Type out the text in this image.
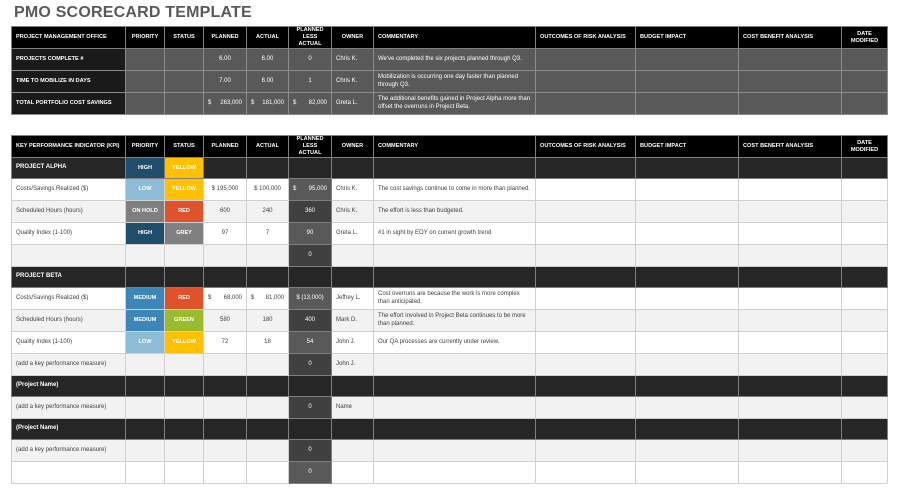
PMO SCORECARD TEMPLATE
PROJECT MANAGEMENT OFFICE	PRIORITY	STATUS	PLANNED	ACTUAL	PLANNED LESS ACTUAL	OWNER	COMMENTARY	OUTCOMES OF RISK ANALYSIS	BUDGET IMPACT	COST BENEFIT ANALYSIS	DATE MODIFIED
PROJECTS COMPLETE #			6.00	6.00	0	Chris K.	We've completed the six projects planned through Q3.				
TIME TO MOBILIZE IN DAYS			7.00	6.00	1	Chris K.	Mobilization is occurring one day faster than planned through Q3.				
TOTAL PORTFOLIO COST SAVINGS			$ 263,000	$ 181,000	$ 82,000	Greta L.	The additional benefits gained in Project Alpha more than offset the overruns in Project Beta.				
KEY PERFORMANCE INDICATOR (KPI)	PRIORITY	STATUS	PLANNED	ACTUAL	PLANNED LESS ACTUAL	OWNER	COMMENTARY	OUTCOMES OF RISK ANALYSIS	BUDGET IMPACT	COST BENEFIT ANALYSIS	DATE MODIFIED
PROJECT ALPHA	HIGH	YELLOW									
Costs/Savings Realized ($)	LOW	YELLOW	$ 195,000	$ 100,000	$ 95,000	Chris K.	The cost savings continue to come in more than planned.				
Scheduled Hours (hours)	ON HOLD	RED	600	240	360	Chris K.	The effort is less than budgeted.				
Quality Index (1-100)	HIGH	GREY	97	7	90	Greta L.	#1 in sight by EOY on current growth trend				
					0						
PROJECT BETA											
Costs/Savings Realized ($)	MEDIUM	RED	$ 68,000	$ 81,000	$ (13,000)	Jeffrey L.	Cost overruns are because the work is more complex than anticipated.				
Scheduled Hours (hours)	MEDIUM	GREEN	580	180	400	Mark D.	The effort involved in Project Beta continues to be more than planned.				
Quality Index (1-100)	LOW	YELLOW	72	18	54	John J.	Our QA processes are currently under review.				
(add a key performance measure)					0	John J.					
(Project Name)											
(add a key performance measure)					0	Name					
(Project Name)											
(add a key performance measure)					0						
					0						
